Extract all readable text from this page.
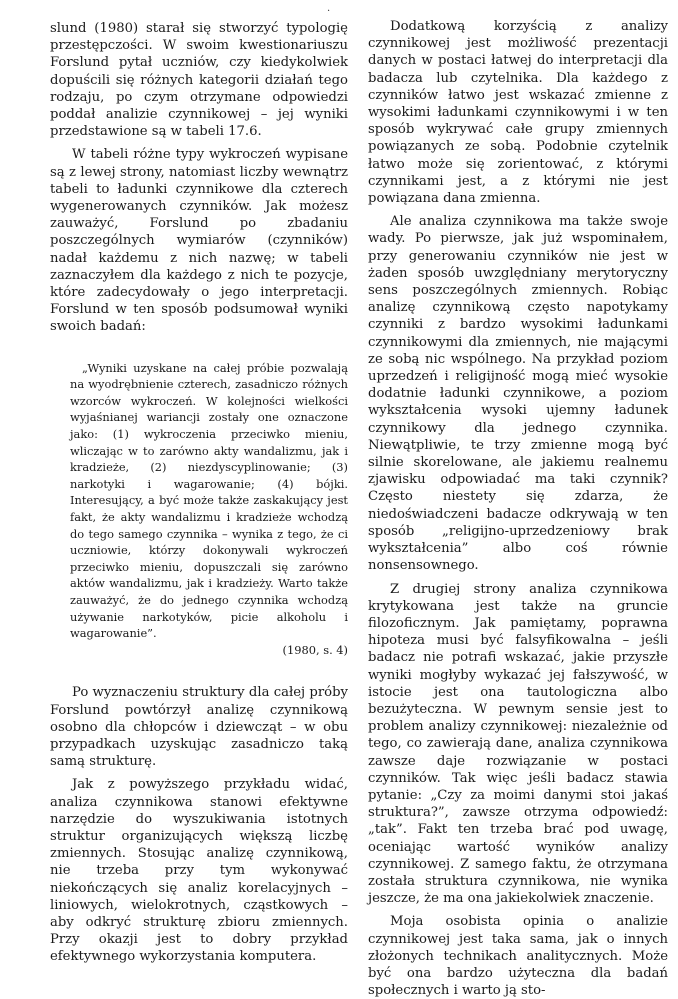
.

slund (1980) starał się stworzyć typologię przestępczości. W swoim kwestionariuszu Forslund pytał uczniów, czy kiedykolwiek dopuścili się różnych kategorii działań tego rodzaju, po czym otrzymane odpowiedzi poddał analizie czynnikowej – jej wyniki przedstawione są w tabeli 17.6.

W tabeli różne typy wykroczeń wypisane są z lewej strony, natomiast liczby wewnątrz tabeli to ładunki czynnikowe dla czterech wygenerowanych czynników. Jak możesz zauważyć, Forslund po zbadaniu poszczególnych wymiarów (czynników) nadał każdemu z nich nazwę; w tabeli zaznaczyłem dla każdego z nich te pozycje, które zadecydowały o jego interpretacji. Forslund w ten sposób podsumował wyniki swoich badań:

„Wyniki uzyskane na całej próbie pozwalają na wyodrębnienie czterech, zasadniczo różnych wzorców wykroczeń. W kolejności wielkości wyjaśnianej wariancji zostały one oznaczone jako: (1) wykroczenia przeciwko mieniu, wliczając w to zarówno akty wandalizmu, jak i kradzieże, (2) niezdyscyplinowanie; (3) narkotyki i wagarowanie; (4) bójki. Interesujący, a być może także zaskakujący jest fakt, że akty wandalizmu i kradzieże wchodzą do tego samego czynnika – wynika z tego, że ci uczniowie, którzy dokonywali wykroczeń przeciwko mieniu, dopuszczali się zarówno aktów wandalizmu, jak i kradzieży. Warto także zauważyć, że do jednego czynnika wchodzą używanie narkotyków, picie alkoholu i wagarowanie”.

(1980, s. 4)

Po wyznaczeniu struktury dla całej próby Forslund powtórzył analizę czynnikową osobno dla chłopców i dziewcząt – w obu przypadkach uzyskując zasadniczo taką samą strukturę.

Jak z powyższego przykładu widać, analiza czynnikowa stanowi efektywne narzędzie do wyszukiwania istotnych struktur organizujących większą liczbę zmiennych. Stosując analizę czynnikową, nie trzeba przy tym wykonywać niekończących się analiz korelacyjnych – liniowych, wielokrotnych, cząstkowych – aby odkryć strukturę zbioru zmiennych. Przy okazji jest to dobry przykład efektywnego wykorzystania komputera.

Dodatkową korzyścią z analizy czynnikowej jest możliwość prezentacji danych w postaci łatwej do interpretacji dla badacza lub czytelnika. Dla każdego z czynników łatwo jest wskazać zmienne z wysokimi ładunkami czynnikowymi i w ten sposób wykrywać całe grupy zmiennych powiązanych ze sobą. Podobnie czytelnik łatwo może się zorientować, z którymi czynnikami jest, a z którymi nie jest powiązana dana zmienna.

Ale analiza czynnikowa ma także swoje wady. Po pierwsze, jak już wspominałem, przy generowaniu czynników nie jest w żaden sposób uwzględniany merytoryczny sens poszczególnych zmiennych. Robiąc analizę czynnikową często napotykamy czynniki z bardzo wysokimi ładunkami czynnikowymi dla zmiennych, nie mającymi ze sobą nic wspólnego. Na przykład poziom uprzedzeń i religijność mogą mieć wysokie dodatnie ładunki czynnikowe, a poziom wykształcenia wysoki ujemny ładunek czynnikowy dla jednego czynnika. Niewątpliwie, te trzy zmienne mogą być silnie skorelowane, ale jakiemu realnemu zjawisku odpowiadać ma taki czynnik? Często niestety się zdarza, że niedoświadczeni badacze odkrywają w ten sposób „religijno-uprzedzeniowy brak wykształcenia” albo coś równie nonsensownego.

Z drugiej strony analiza czynnikowa krytykowana jest także na gruncie filozoficznym. Jak pamiętamy, poprawna hipoteza musi być falsyfikowalna – jeśli badacz nie potrafi wskazać, jakie przyszłe wyniki mogłyby wykazać jej fałszywość, w istocie jest ona tautologiczna albo bezużyteczna. W pewnym sensie jest to problem analizy czynnikowej: niezależnie od tego, co zawierają dane, analiza czynnikowa zawsze daje rozwiązanie w postaci czynników. Tak więc jeśli badacz stawia pytanie: „Czy za moimi danymi stoi jakaś struktura?”, zawsze otrzyma odpowiedź: „tak”. Fakt ten trzeba brać pod uwagę, oceniając wartość wyników analizy czynnikowej. Z samego faktu, że otrzymana została struktura czynnikowa, nie wynika jeszcze, że ma ona jakiekolwiek znaczenie.

Moja osobista opinia o analizie czynnikowej jest taka sama, jak o innych złożonych technikach analitycznych. Może być ona bardzo użyteczna dla badań społecznych i warto ją sto-
